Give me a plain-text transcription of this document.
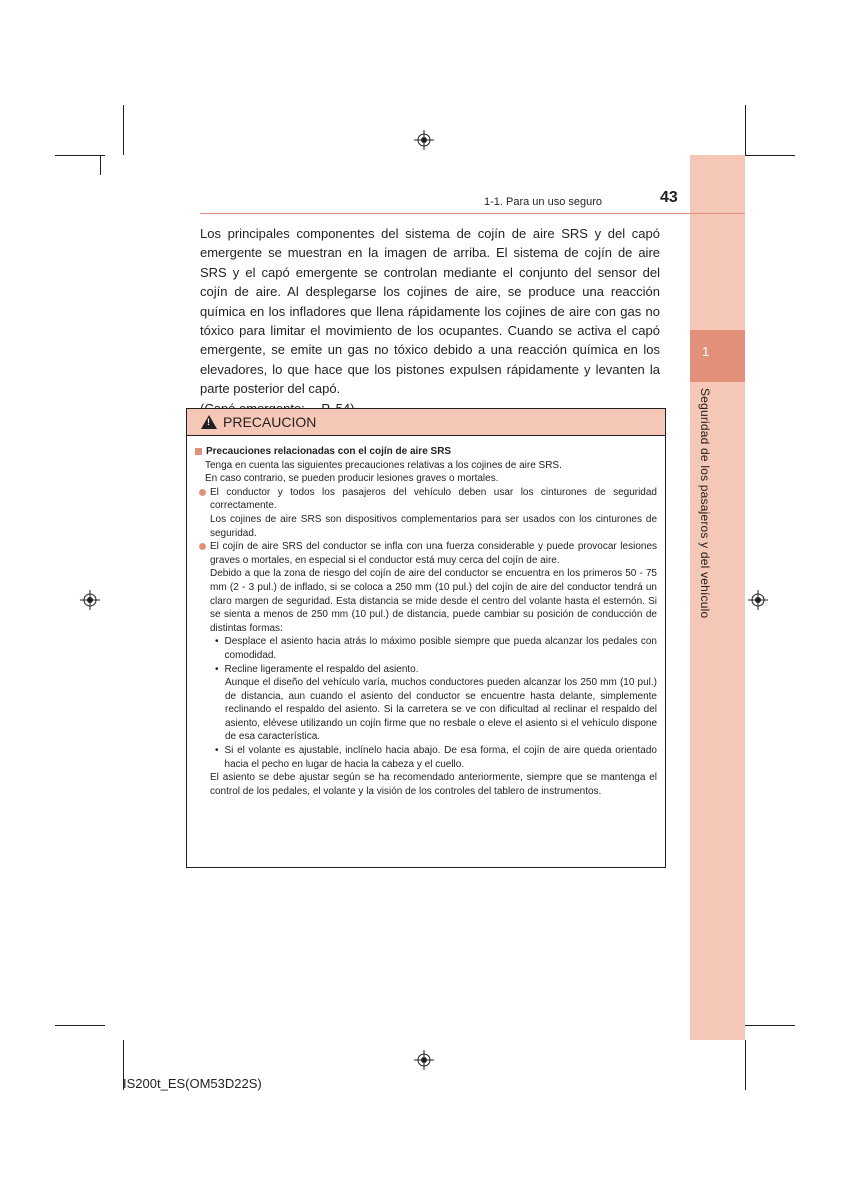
1
Seguridad de los pasajeros y del vehículo
1-1. Para un uso seguro	43
Los principales componentes del sistema de cojín de aire SRS y del capó emergente se muestran en la imagen de arriba. El sistema de cojín de aire SRS y el capó emergente se controlan mediante el conjunto del sensor del cojín de aire. Al desplegarse los cojines de aire, se produce una reacción química en los infladores que llena rápidamente los cojines de aire con gas no tóxico para limitar el movimiento de los ocupantes. Cuando se activa el capó emergente, se emite un gas no tóxico debido a una reacción química en los elevadores, lo que hace que los pistones expulsen rápidamente y levanten la parte posterior del capó.
!
PRECAUCION
Precauciones relacionadas con el cojín de aire SRS
Tenga en cuenta las siguientes precauciones relativas a los cojines de aire SRS.
En caso contrario, se pueden producir lesiones graves o mortales.
El conductor y todos los pasajeros del vehículo deben usar los cinturones de seguridad correctamente.
Los cojines de aire SRS son dispositivos complementarios para ser usados con los cinturones de seguridad.
El cojín de aire SRS del conductor se infla con una fuerza considerable y puede provocar lesiones graves o mortales, en especial si el conductor está muy cerca del cojín de aire.
Debido a que la zona de riesgo del cojín de aire del conductor se encuentra en los primeros 50 - 75 mm (2 - 3 pul.) de inflado, si se coloca a 250 mm (10 pul.) del cojín de aire del conductor tendrá un claro margen de seguridad. Esta distancia se mide desde el centro del volante hasta el esternón. Si se sienta a menos de 250 mm (10 pul.) de distancia, puede cambiar su posición de conducción de distintas formas:
• Desplace el asiento hacia atrás lo máximo posible siempre que pueda alcanzar los pedales con comodidad.
• Recline ligeramente el respaldo del asiento.
Aunque el diseño del vehículo varía, muchos conductores pueden alcanzar los 250 mm (10 pul.) de distancia, aun cuando el asiento del conductor se encuentre hasta delante, simplemente reclinando el respaldo del asiento. Si la carretera se ve con dificultad al reclinar el respaldo del asiento, elévese utilizando un cojín firme que no resbale o eleve el asiento si el vehículo dispone de esa característica.
• Si el volante es ajustable, inclínelo hacia abajo. De esa forma, el cojín de aire queda orientado hacia el pecho en lugar de hacia la cabeza y el cuello.
El asiento se debe ajustar según se ha recomendado anteriormente, siempre que se mantenga el control de los pedales, el volante y la visión de los controles del tablero de instrumentos.
IS200t_ES(OM53D22S)
